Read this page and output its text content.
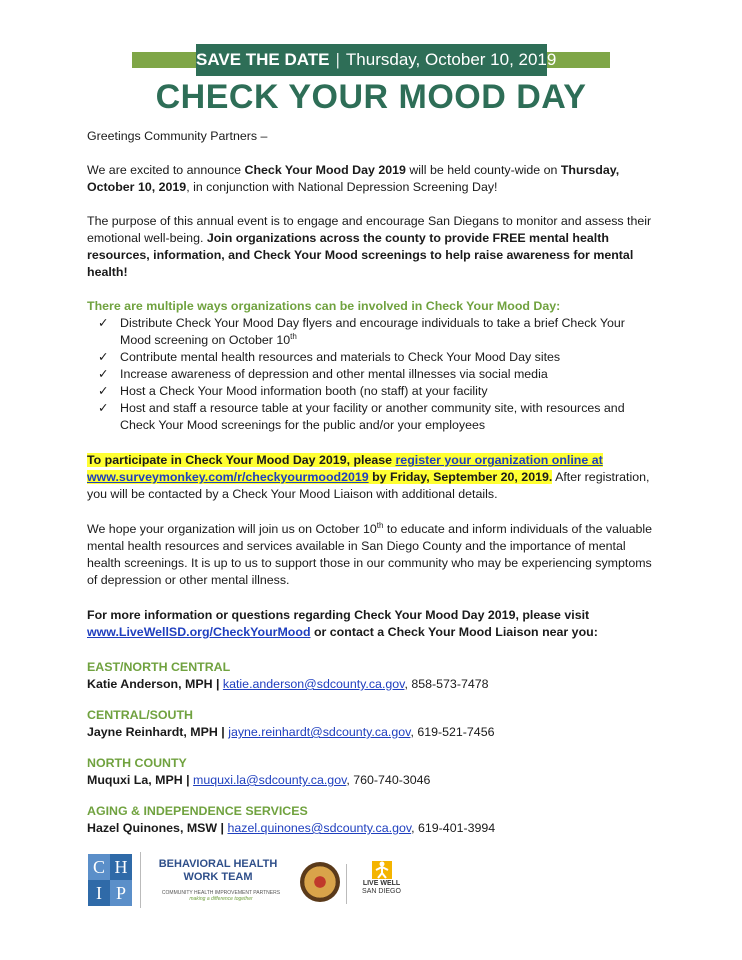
SAVE THE DATE | Thursday, October 10, 2019
CHECK YOUR MOOD DAY

Greetings Community Partners –

We are excited to announce Check Your Mood Day 2019 will be held county-wide on Thursday, October 10, 2019, in conjunction with National Depression Screening Day!

The purpose of this annual event is to engage and encourage San Diegans to monitor and assess their emotional well-being. Join organizations across the county to provide FREE mental health resources, information, and Check Your Mood screenings to help raise awareness for mental health!

There are multiple ways organizations can be involved in Check Your Mood Day:

✓ Distribute Check Your Mood Day flyers and encourage individuals to take a brief Check Your Mood screening on October 10th
✓ Contribute mental health resources and materials to Check Your Mood Day sites
✓ Increase awareness of depression and other mental illnesses via social media
✓ Host a Check Your Mood information booth (no staff) at your facility
✓ Host and staff a resource table at your facility or another community site, with resources and Check Your Mood screenings for the public and/or your employees

To participate in Check Your Mood Day 2019, please register your organization online at www.surveymonkey.com/r/checkyourmood2019 by Friday, September 20, 2019. After registration, you will be contacted by a Check Your Mood Liaison with additional details.

We hope your organization will join us on October 10th to educate and inform individuals of the valuable mental health resources and services available in San Diego County and the importance of mental health screenings. It is up to us to support those in our community who may be experiencing symptoms of depression or other mental illness.

For more information or questions regarding Check Your Mood Day 2019, please visit www.LiveWellSD.org/CheckYourMood or contact a Check Your Mood Liaison near you:

EAST/NORTH CENTRAL

Katie Anderson, MPH | katie.anderson@sdcounty.ca.gov, 858-573-7478

CENTRAL/SOUTH

Jayne Reinhardt, MPH | jayne.reinhardt@sdcounty.ca.gov, 619-521-7456

NORTH COUNTY

Muquxi La, MPH | muquxi.la@sdcounty.ca.gov, 760-740-3046

AGING & INDEPENDENCE SERVICES

Hazel Quinones, MSW | hazel.quinones@sdcounty.ca.gov, 619-401-3994

C H
I P
BEHAVIORAL HEALTH
WORK TEAM
COMMUNITY HEALTH IMPROVEMENT PARTNERS
making a difference together
LIVE WELL
SAN DIEGO
